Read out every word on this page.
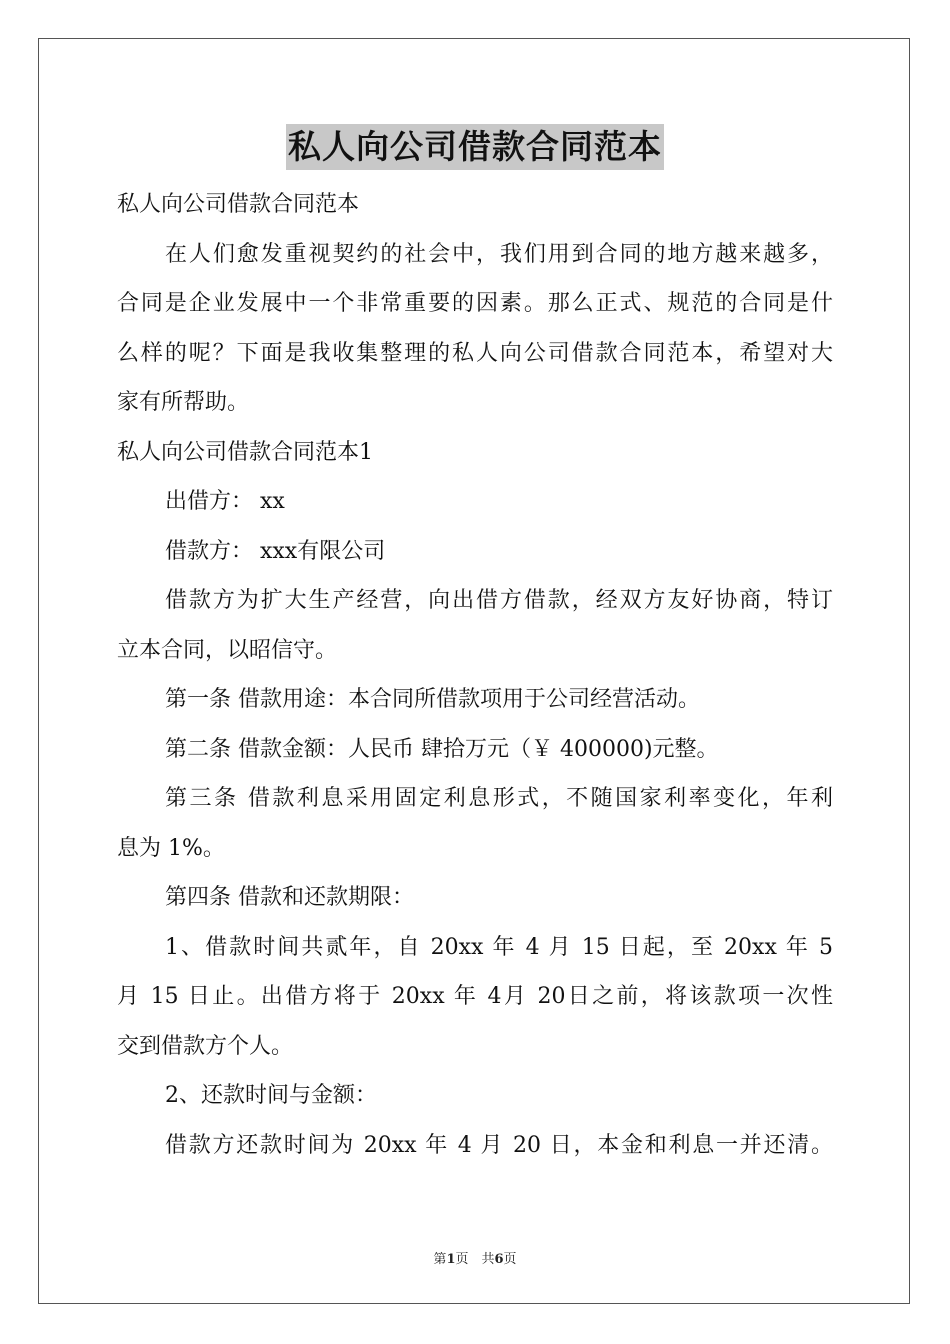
私人向公司借款合同范本
私人向公司借款合同范本
在人们愈发重视契约的社会中，我们用到合同的地方越来越多，
合同是企业发展中一个非常重要的因素。那么正式、规范的合同是什
么样的呢？下面是我收集整理的私人向公司借款合同范本，希望对大
家有所帮助。
私人向公司借款合同范本1
出借方： xx
借款方： xxx有限公司
借款方为扩大生产经营，向出借方借款，经双方友好协商，特订
立本合同，以昭信守。
第一条 借款用途：本合同所借款项用于公司经营活动。
第二条 借款金额：人民币 肆拾万元（￥ 400000)元整。
第三条 借款利息采用固定利息形式，不随国家利率变化，年利
息为 1%。
第四条 借款和还款期限：
1、借款时间共贰年，自 20xx 年 4 月 15 日起，至 20xx 年 5
月 15 日止。出借方将于 20xx 年 4月 20日之前，将该款项一次性
交到借款方个人。
2、还款时间与金额：
借款方还款时间为 20xx 年 4 月 20 日，本金和利息一并还清。
第1页　共6页
